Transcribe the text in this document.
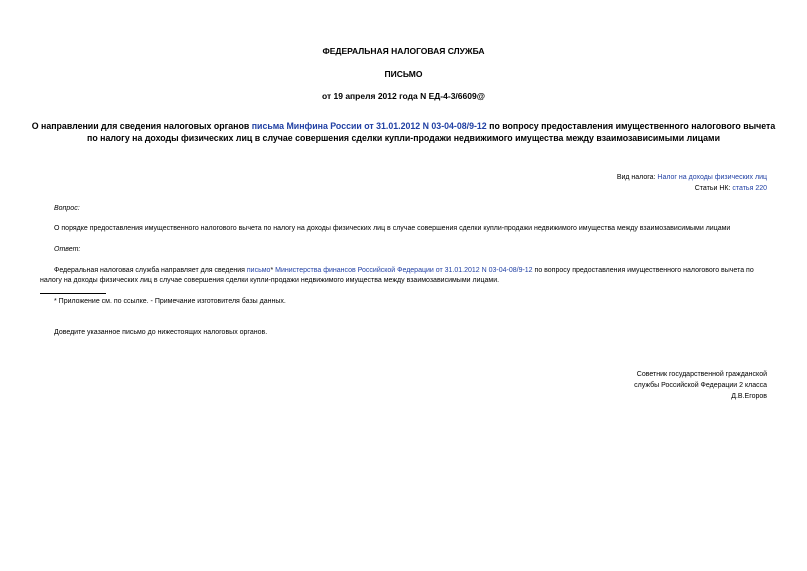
ФЕДЕРАЛЬНАЯ НАЛОГОВАЯ СЛУЖБА
ПИСЬМО
от 19 апреля 2012 года N ЕД-4-3/6609@
О направлении для сведения налоговых органов письма Минфина России от 31.01.2012 N 03-04-08/9-12 по вопросу предоставления имущественного налогового вычета по налогу на доходы физических лиц в случае совершения сделки купли-продажи недвижимого имущества между взаимозависимыми лицами
Вид налога: Налог на доходы физических лиц
Статьи НК: статья 220
Вопрос:
О порядке предоставления имущественного налогового вычета по налогу на доходы физических лиц в случае совершения сделки купли-продажи недвижимого имущества между взаимозависимыми лицами
Ответ:
Федеральная налоговая служба направляет для сведения письмо* Министерства финансов Российской Федерации от 31.01.2012 N 03-04-08/9-12 по вопросу предоставления имущественного налогового вычета по налогу на доходы физических лиц в случае совершения сделки купли-продажи недвижимого имущества между взаимозависимыми лицами.
* Приложение см. по ссылке. - Примечание изготовителя базы данных.
Доведите указанное письмо до нижестоящих налоговых органов.
Советник государственной гражданской
службы Российской Федерации 2 класса
Д.В.Егоров
